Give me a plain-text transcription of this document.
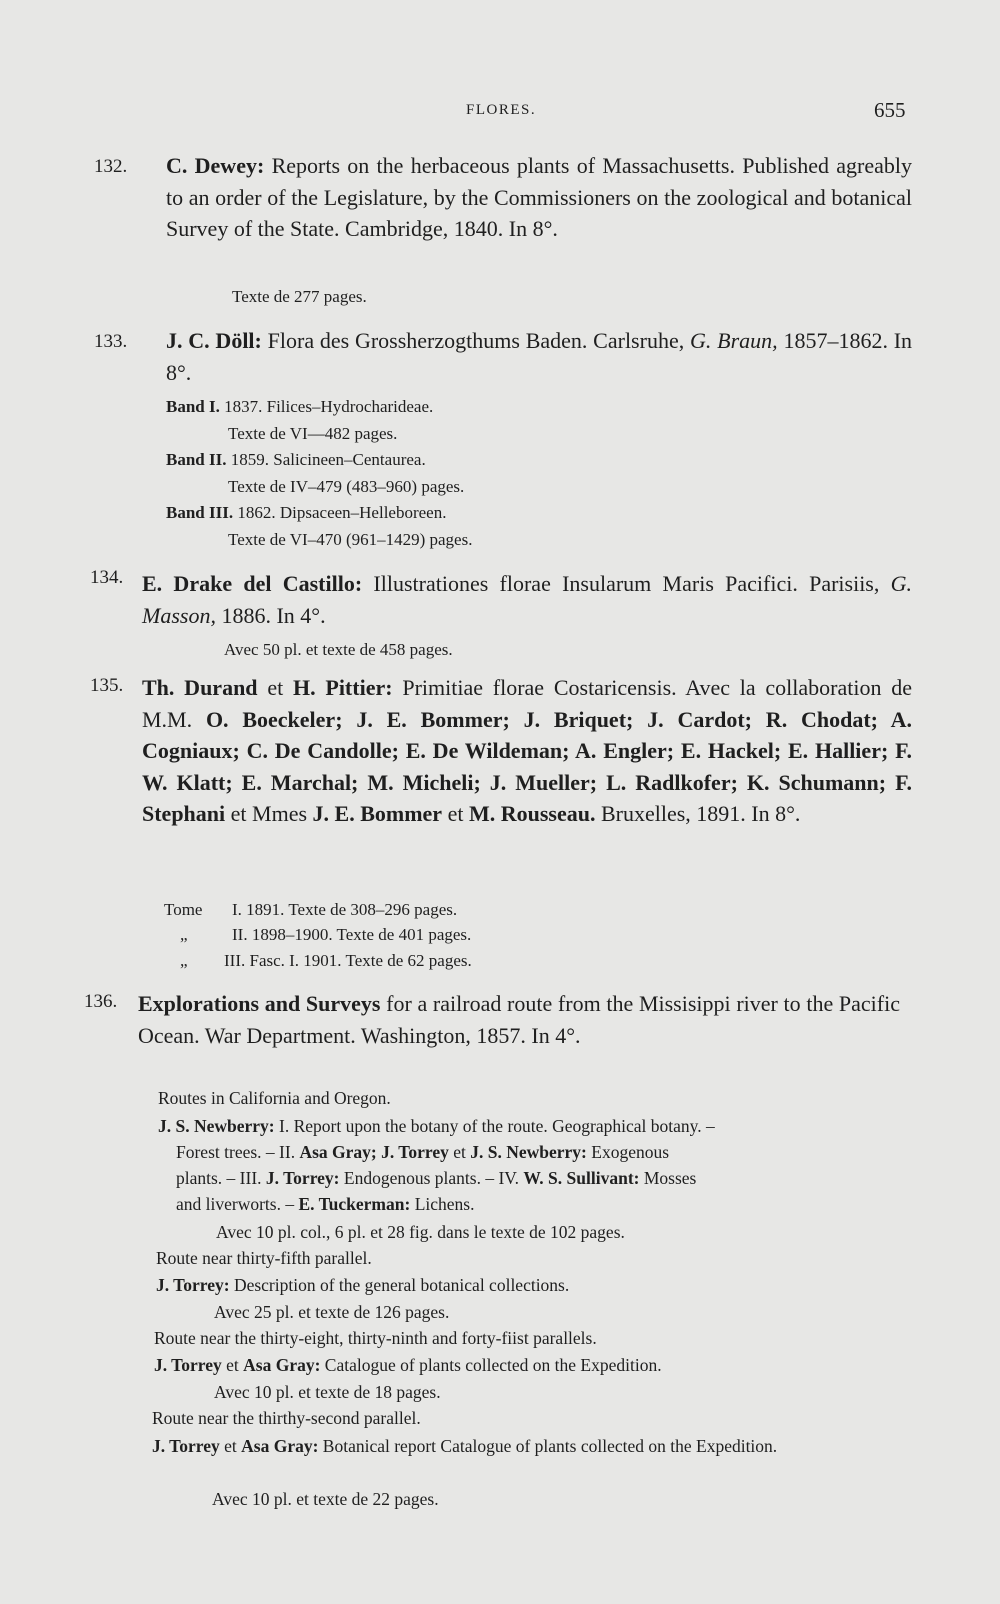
FLORES.	655
132. C. Dewey: Reports on the herbaceous plants of Massachusetts. Published agreably to an order of the Legislature, by the Commissioners on the zoological and botanical Survey of the State. Cambridge, 1840. In 8°.

Texte de 277 pages.
133. J. C. Döll: Flora des Grossherzogthums Baden. Carlsruhe, G. Braun, 1857–1862. In 8°.

Band I. 1837. Filices–Hydrocharideae.
Texte de VI—482 pages.
Band II. 1859. Salicineen–Centaurea.
Texte de IV–479 (483–960) pages.
Band III. 1862. Dipsaceen–Helleboreen.
Texte de VI–470 (961–1429) pages.
134. E. Drake del Castillo: Illustrationes florae Insularum Maris Pacifici. Parisiis, G. Masson, 1886. In 4°.

Avec 50 pl. et texte de 458 pages.
135. Th. Durand et H. Pittier: Primitiae florae Costaricensis. Avec la collaboration de M.M. O. Boeckeler; J. E. Bommer; J. Briquet; J. Cardot; R. Chodat; A. Cogniaux; C. De Candolle; E. De Wildeman; A. Engler; E. Hackel; E. Hallier; F. W. Klatt; E. Marchal; M. Micheli; J. Mueller; L. Radlkofer; K. Schumann; F. Stephani et Mmes J. E. Bommer et M. Rousseau. Bruxelles, 1891. In 8°.

Tome I. 1891. Texte de 308–296 pages.
„	II. 1898–1900. Texte de 401 pages.
„ III. Fasc. I. 1901. Texte de 62 pages.
136. Explorations and Surveys for a railroad route from the Missisippi river to the Pacific Ocean. War Department. Washington, 1857. In 4°.

Routes in California and Oregon.
J. S. Newberry: I. Report upon the botany of the route. Geographical botany. –
Forest trees. – II. Asa Gray; J. Torrey et J. S. Newberry: Exogenous
plants. – III. J. Torrey: Endogenous plants. – IV. W. S. Sullivant: Mosses
and liverworts. – E. Tuckerman: Lichens.
Avec 10 pl. col., 6 pl. et 28 fig. dans le texte de 102 pages.
Route near thirty-fifth parallel.
J. Torrey: Description of the general botanical collections.
Avec 25 pl. et texte de 126 pages.
Route near the thirty-eight, thirty-ninth and forty-fiist parallels.
J. Torrey et Asa Gray: Catalogue of plants collected on the Expedition.
Avec 10 pl. et texte de 18 pages.
Route near the thirthy-second parallel.

J. Torrey et Asa Gray: Botanical report Catalogue of plants collected on the Expedition.

Avec 10 pl. et texte de 22 pages.
